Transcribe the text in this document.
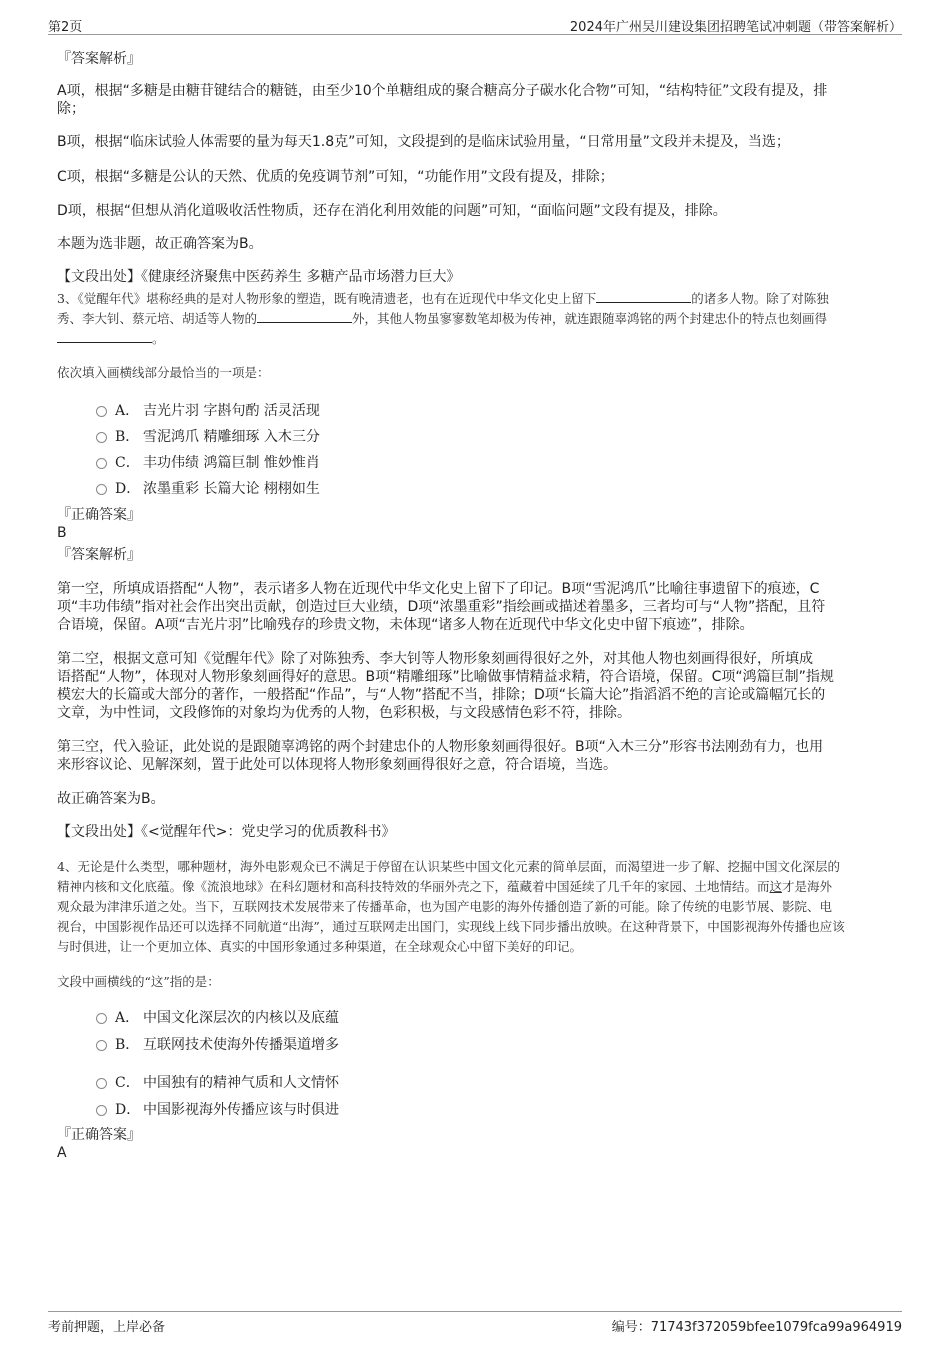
第2页	2024年广州吴川建设集团招聘笔试冲刺题（带答案解析）
『答案解析』
A项，根据“多糖是由糖苷键结合的糖链，由至少10个单糖组成的聚合糖高分子碳水化合物”可知，“结构特征”文段有提及，排
除；
B项，根据“临床试验人体需要的量为每天1.8克”可知，文段提到的是临床试验用量，“日常用量”文段并未提及，当选；
C项，根据“多糖是公认的天然、优质的免疫调节剂”可知，“功能作用”文段有提及，排除；
D项，根据“但想从消化道吸收活性物质，还存在消化利用效能的问题”可知，“面临问题”文段有提及，排除。
本题为选非题，故正确答案为B。
【文段出处】《健康经济聚焦中医药养生 多糖产品市场潜力巨大》
3、《觉醒年代》堪称经典的是对人物形象的塑造，既有晚清遗老，也有在近现代中华文化史上留下	的诸多人物。除了对陈独
秀、李大钊、蔡元培、胡适等人物的	外，其他人物虽寥寥数笔却极为传神，就连跟随辜鸿铭的两个封建忠仆的特点也刻画得
。
依次填入画横线部分最恰当的一项是：
A． 吉光片羽 字斟句酌 活灵活现
B． 雪泥鸿爪 精雕细琢 入木三分
C． 丰功伟绩 鸿篇巨制 惟妙惟肖
D． 浓墨重彩 长篇大论 栩栩如生
『正确答案』
B
『答案解析』
第一空，所填成语搭配“人物”，表示诸多人物在近现代中华文化史上留下了印记。B项“雪泥鸿爪”比喻往事遗留下的痕迹，C
项“丰功伟绩”指对社会作出突出贡献，创造过巨大业绩，D项“浓墨重彩”指绘画或描述着墨多，三者均可与“人物”搭配，且符
合语境，保留。A项“吉光片羽”比喻残存的珍贵文物，未体现“诸多人物在近现代中华文化史中留下痕迹”，排除。
第二空，根据文意可知《觉醒年代》除了对陈独秀、李大钊等人物形象刻画得很好之外，对其他人物也刻画得很好，所填成
语搭配“人物”，体现对人物形象刻画得好的意思。B项“精雕细琢”比喻做事情精益求精，符合语境，保留。C项“鸿篇巨制”指规
模宏大的长篇或大部分的著作，一般搭配“作品”，与“人物”搭配不当，排除；D项“长篇大论”指滔滔不绝的言论或篇幅冗长的
文章，为中性词，文段修饰的对象均为优秀的人物，色彩积极，与文段感情色彩不符，排除。
第三空，代入验证，此处说的是跟随辜鸿铭的两个封建忠仆的人物形象刻画得很好。B项“入木三分”形容书法刚劲有力，也用
来形容议论、见解深刻，置于此处可以体现将人物形象刻画得很好之意，符合语境，当选。
故正确答案为B。
【文段出处】《<觉醒年代>：党史学习的优质教科书》
4、无论是什么类型，哪种题材，海外电影观众已不满足于停留在认识某些中国文化元素的简单层面，而渴望进一步了解、挖掘中国文化深层的
精神内核和文化底蕴。像《流浪地球》在科幻题材和高科技特效的华丽外壳之下，蕴藏着中国延续了几千年的家园、土地情结。而这才是海外
观众最为津津乐道之处。当下，互联网技术发展带来了传播革命，也为国产电影的海外传播创造了新的可能。除了传统的电影节展、影院、电
视台，中国影视作品还可以选择不同航道“出海”，通过互联网走出国门，实现线上线下同步播出放映。在这种背景下，中国影视海外传播也应该
与时俱进，让一个更加立体、真实的中国形象通过多种渠道，在全球观众心中留下美好的印记。
文段中画横线的“这”指的是：
A． 中国文化深层次的内核以及底蕴
B． 互联网技术使海外传播渠道增多
C． 中国独有的精神气质和人文情怀
D． 中国影视海外传播应该与时俱进
『正确答案』
A
考前押题，上岸必备	编号：71743f372059bfee1079fca99a964919
